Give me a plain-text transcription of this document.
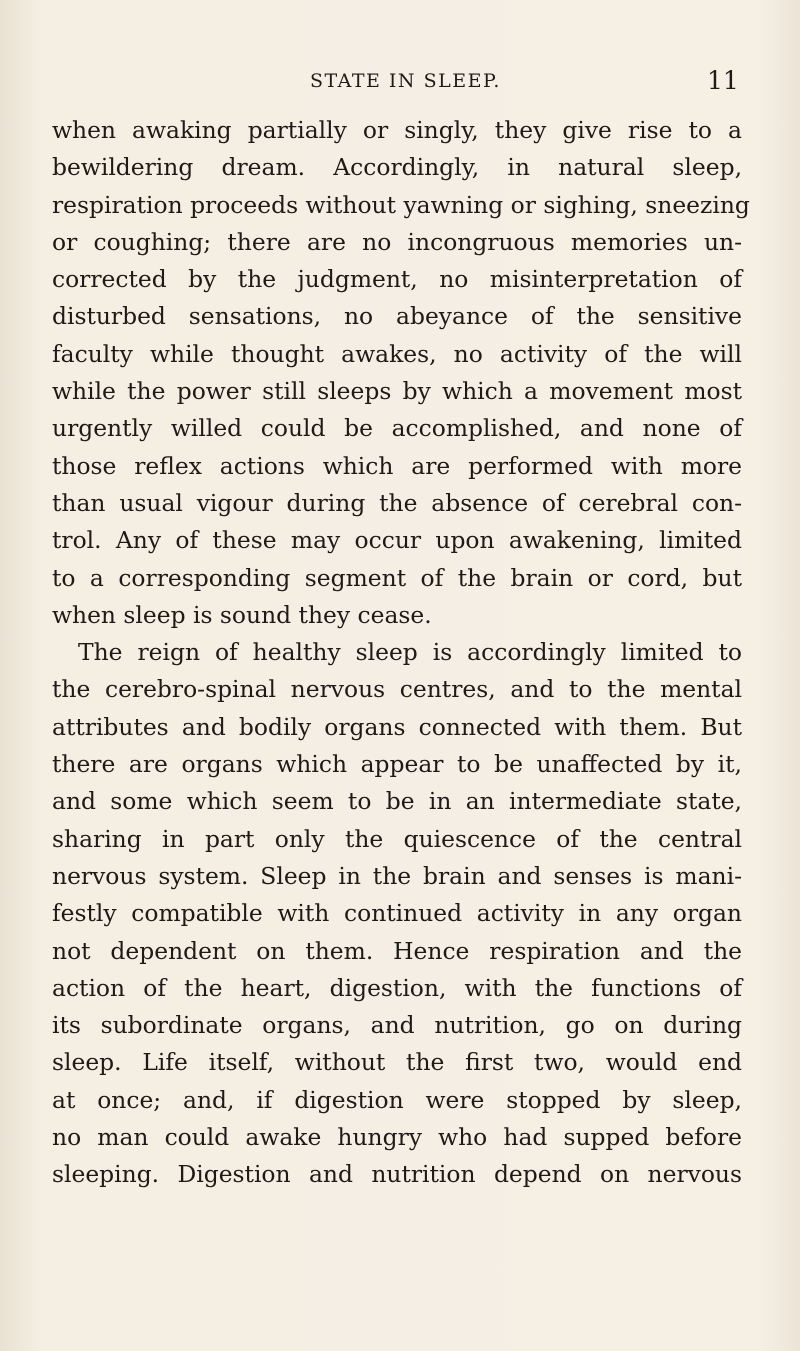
STATE IN SLEEP.	11
when awaking partially or singly, they give rise to a
bewildering dream. Accordingly, in natural sleep,
respiration proceeds without yawning or sighing, sneezing
or coughing; there are no incongruous memories un-
corrected by the judgment, no misinterpretation of
disturbed sensations, no abeyance of the sensitive
faculty while thought awakes, no activity of the will
while the power still sleeps by which a movement most
urgently willed could be accomplished, and none of
those reflex actions which are performed with more
than usual vigour during the absence of cerebral con-
trol. Any of these may occur upon awakening, limited
to a corresponding segment of the brain or cord, but
when sleep is sound they cease.
The reign of healthy sleep is accordingly limited to
the cerebro-spinal nervous centres, and to the mental
attributes and bodily organs connected with them. But
there are organs which appear to be unaffected by it,
and some which seem to be in an intermediate state,
sharing in part only the quiescence of the central
nervous system. Sleep in the brain and senses is mani-
festly compatible with continued activity in any organ
not dependent on them. Hence respiration and the
action of the heart, digestion, with the functions of
its subordinate organs, and nutrition, go on during
sleep. Life itself, without the first two, would end
at once; and, if digestion were stopped by sleep,
no man could awake hungry who had supped before
sleeping. Digestion and nutrition depend on nervous
